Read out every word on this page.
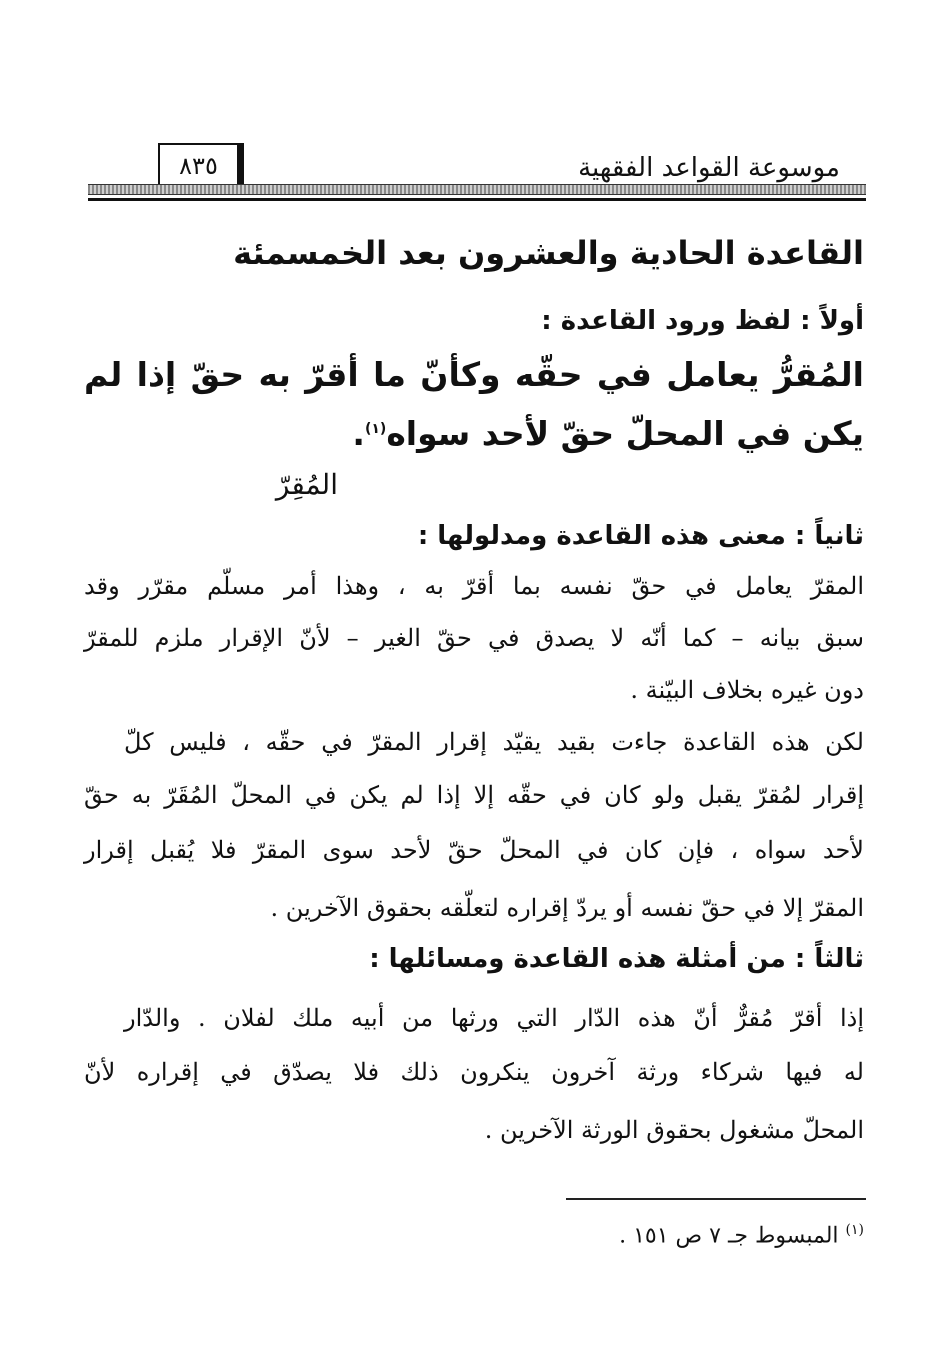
٨٣٥	موسوعة القواعد الفقهية
القاعدة الحادية والعشرون بعد الخمسمئة
أولاً : لفظ ورود القاعدة :
المُقرُّ يعامل في حقّه وكأنّ ما أقرّ به حقّ إذا لم
يكن في المحلّ حقّ لأحد سواه$^{(١)}$.
المُقِرّ
ثانياً : معنى هذه القاعدة ومدلولها :
المقرّ يعامل في حقّ نفسه بما أقرّ به ، وهذا أمر مسلّم مقرّر وقد
سبق بيانه – كما أنّه لا يصدق في حقّ الغير – لأنّ الإقرار ملزم للمقرّ
دون غيره بخلاف البيّنة .
لكن هذه القاعدة جاءت بقيد يقيّد إقرار المقرّ في حقّه ، فليس كلّ
إقرار لمُقرّ يقبل ولو كان في حقّه إلا إذا لم يكن في المحلّ المُقَرّ به حقّ
لأحد سواه ، فإن كان في المحلّ حقّ لأحد سوى المقرّ فلا يُقبل إقرار
المقرّ إلا في حقّ نفسه أو يردّ إقراره لتعلّقه بحقوق الآخرين .
ثالثاً : من أمثلة هذه القاعدة ومسائلها :
إذا أقرّ مُقرٌّ أنّ هذه الدّار التي ورثها من أبيه ملك لفلان . والدّار
له فيها شركاء ورثة آخرون ينكرون ذلك فلا يصدّق في إقراره لأنّ
المحلّ مشغول بحقوق الورثة الآخرين .
$^{(١)}$ المبسوط جـ ٧ ص ١٥١ .
